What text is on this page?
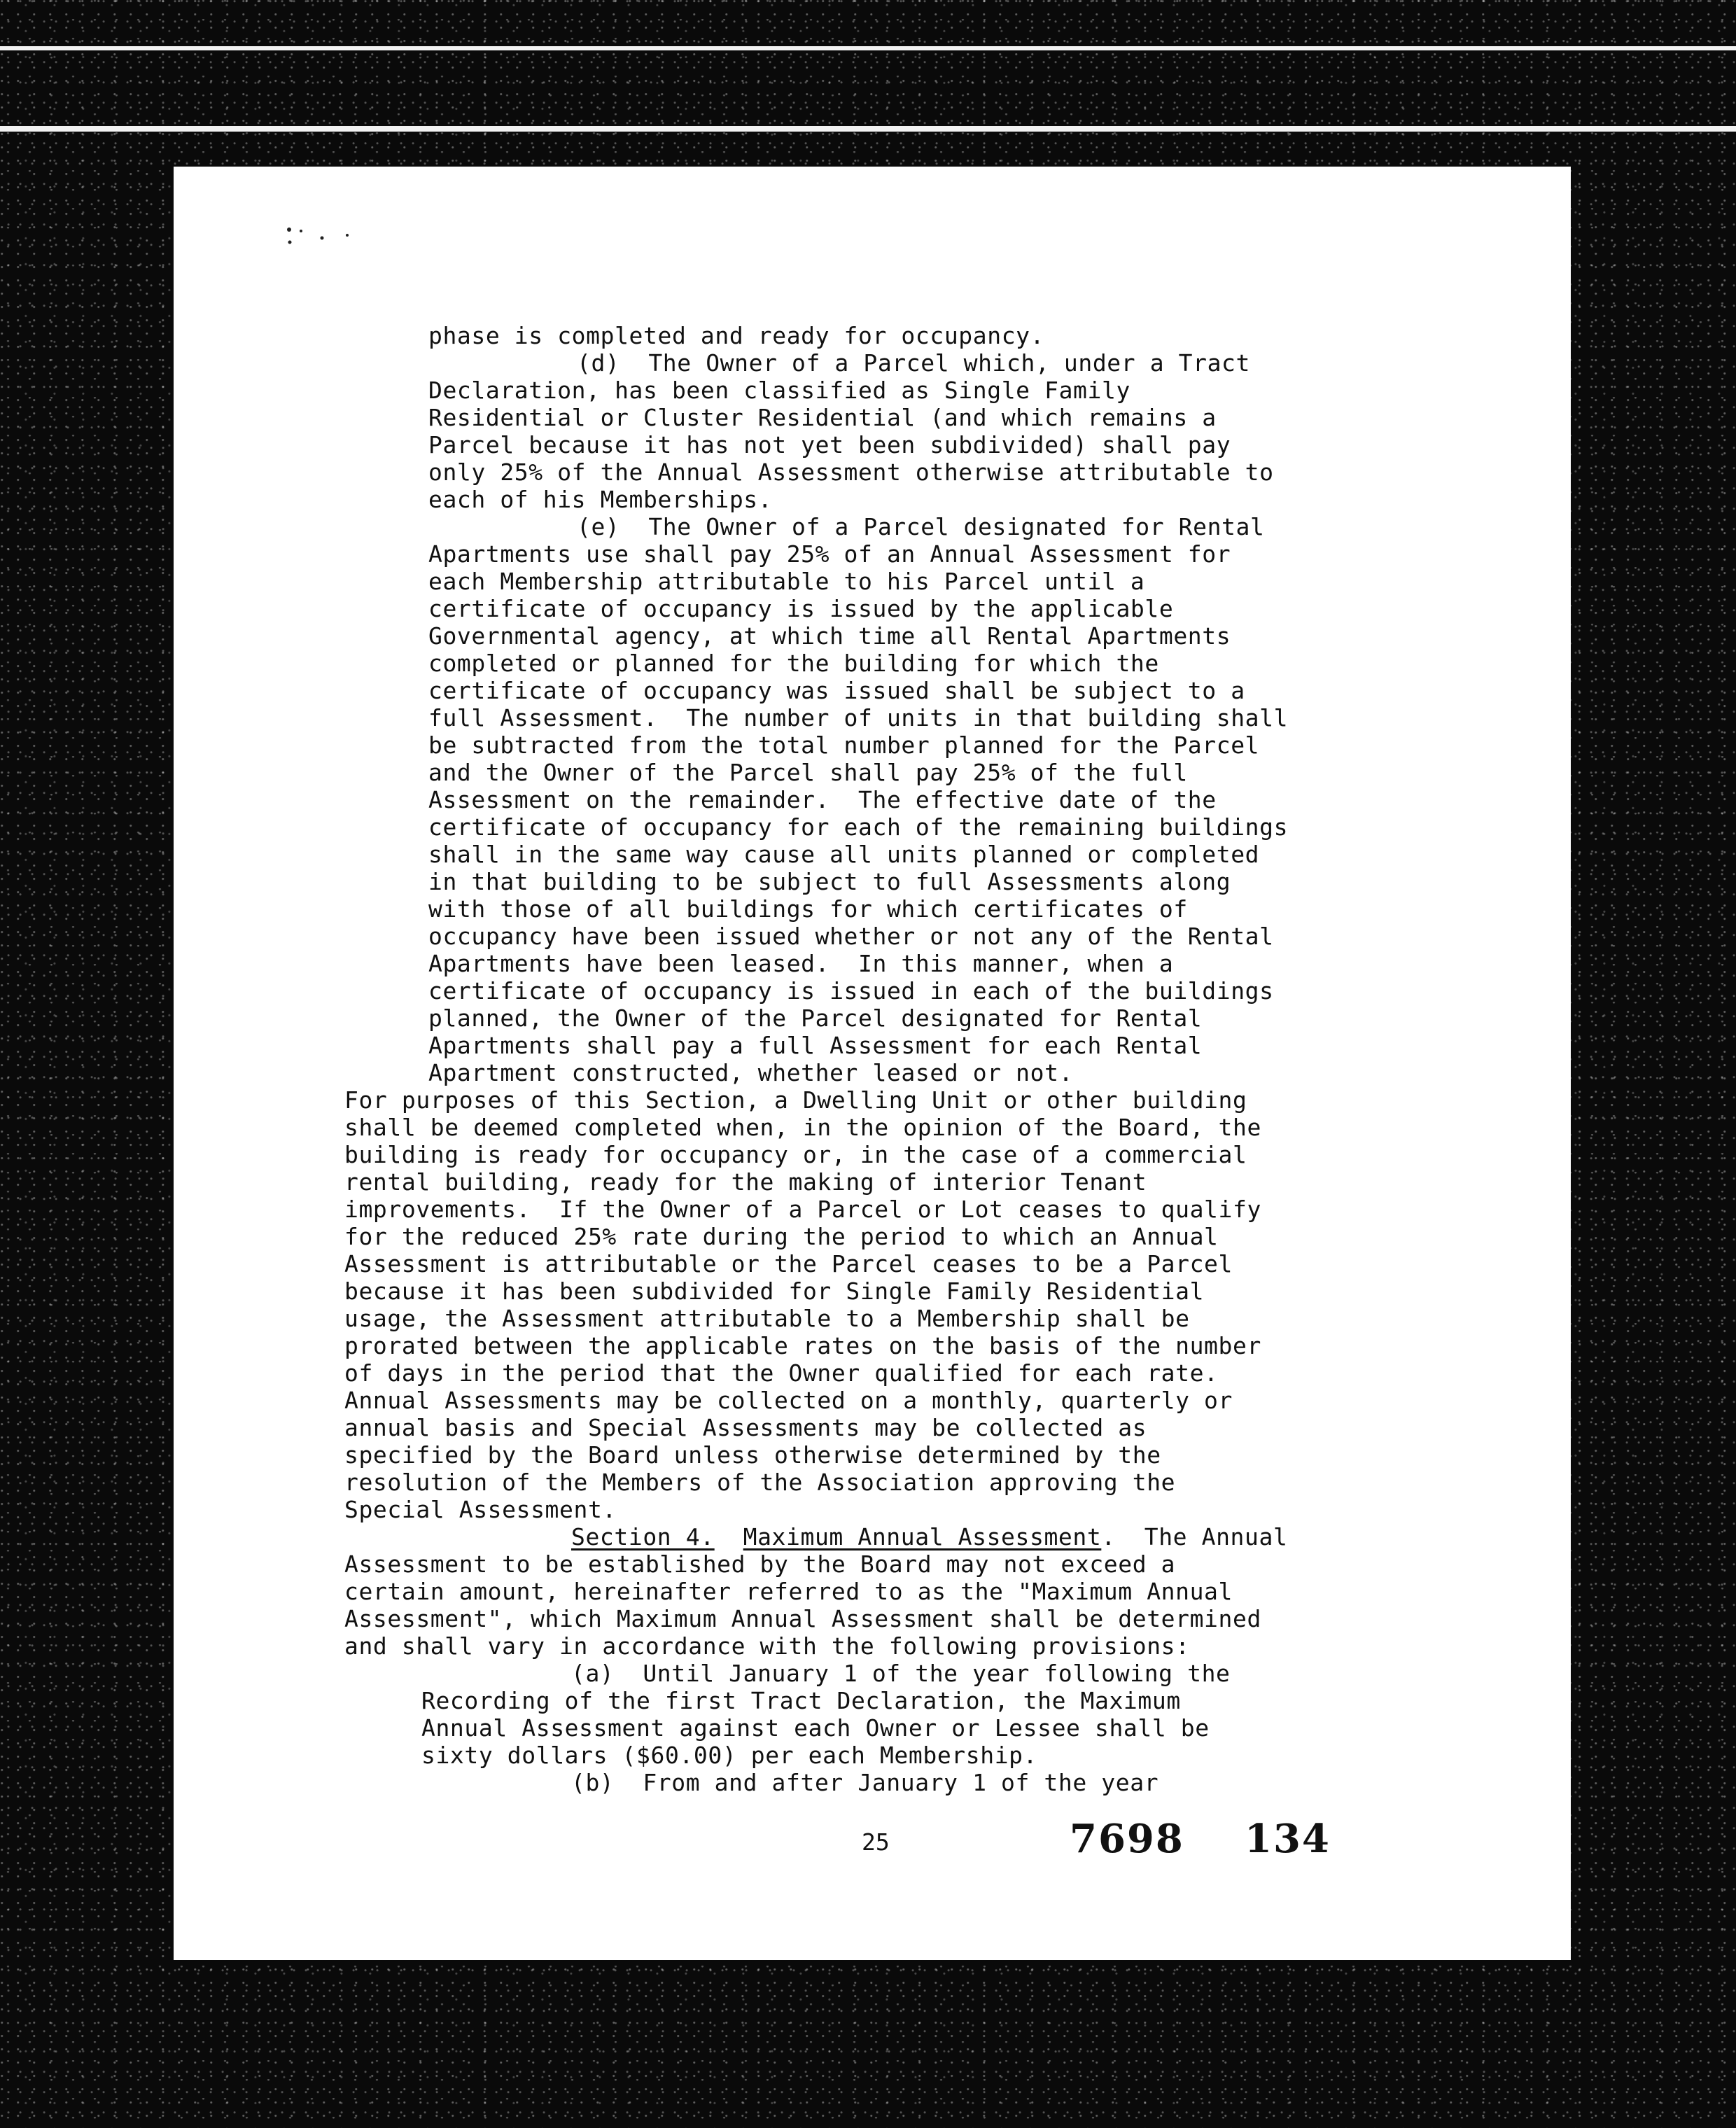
phase is completed and ready for occupancy.
(d)  The Owner of a Parcel which, under a Tract
Declaration, has been classified as Single Family
Residential or Cluster Residential (and which remains a
Parcel because it has not yet been subdivided) shall pay
only 25% of the Annual Assessment otherwise attributable to
each of his Memberships.
(e)  The Owner of a Parcel designated for Rental
Apartments use shall pay 25% of an Annual Assessment for
each Membership attributable to his Parcel until a
certificate of occupancy is issued by the applicable
Governmental agency, at which time all Rental Apartments
completed or planned for the building for which the
certificate of occupancy was issued shall be subject to a
full Assessment.  The number of units in that building shall
be subtracted from the total number planned for the Parcel
and the Owner of the Parcel shall pay 25% of the full
Assessment on the remainder.  The effective date of the
certificate of occupancy for each of the remaining buildings
shall in the same way cause all units planned or completed
in that building to be subject to full Assessments along
with those of all buildings for which certificates of
occupancy have been issued whether or not any of the Rental
Apartments have been leased.  In this manner, when a
certificate of occupancy is issued in each of the buildings
planned, the Owner of the Parcel designated for Rental
Apartments shall pay a full Assessment for each Rental
Apartment constructed, whether leased or not.
For purposes of this Section, a Dwelling Unit or other building
shall be deemed completed when, in the opinion of the Board, the
building is ready for occupancy or, in the case of a commercial
rental building, ready for the making of interior Tenant
improvements.  If the Owner of a Parcel or Lot ceases to qualify
for the reduced 25% rate during the period to which an Annual
Assessment is attributable or the Parcel ceases to be a Parcel
because it has been subdivided for Single Family Residential
usage, the Assessment attributable to a Membership shall be
prorated between the applicable rates on the basis of the number
of days in the period that the Owner qualified for each rate.
Annual Assessments may be collected on a monthly, quarterly or
annual basis and Special Assessments may be collected as
specified by the Board unless otherwise determined by the
resolution of the Members of the Association approving the
Special Assessment.
Section 4. Maximum Annual Assessment.  The Annual
Assessment to be established by the Board may not exceed a
certain amount, hereinafter referred to as the "Maximum Annual
Assessment", which Maximum Annual Assessment shall be determined
and shall vary in accordance with the following provisions:
(a)  Until January 1 of the year following the
Recording of the first Tract Declaration, the Maximum
Annual Assessment against each Owner or Lessee shall be
sixty dollars ($60.00) per each Membership.
(b)  From and after January 1 of the year
25	7698 134
